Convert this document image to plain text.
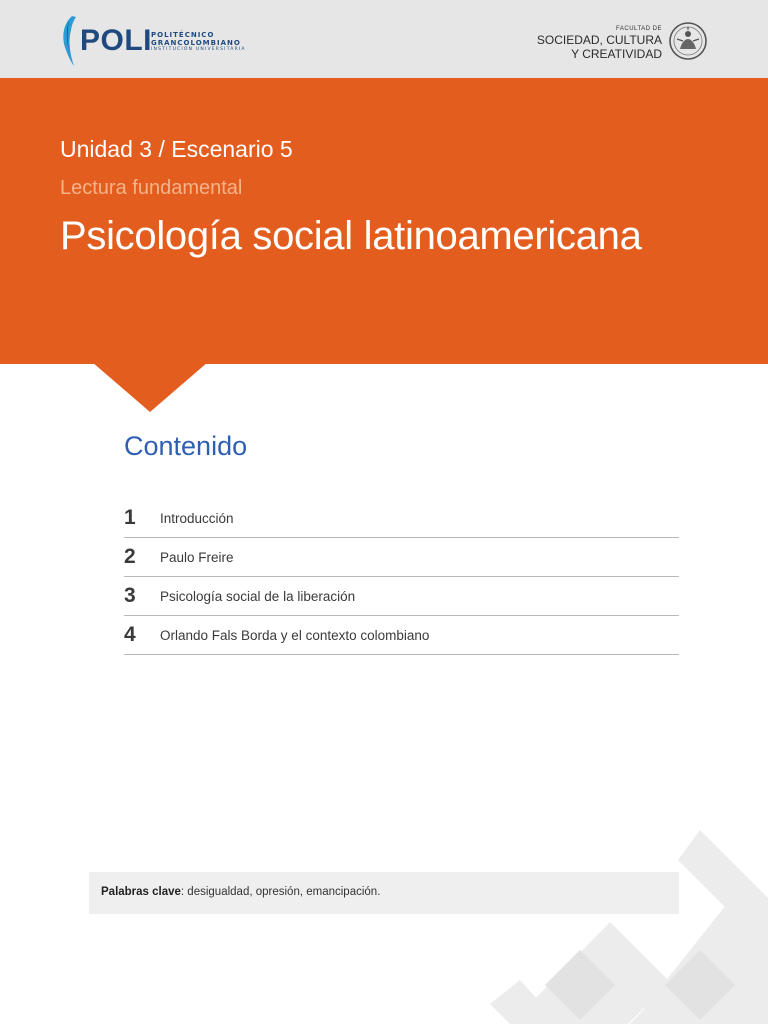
POLI
POLITÉCNICO
GRANCOLOMBIANO
INSTITUCIÓN UNIVERSITARIA
FACULTAD DE
SOCIEDAD, CULTURA
Y CREATIVIDAD
Unidad 3 / Escenario 5
Lectura fundamental
Psicología social latinoamericana
Contenido
1	Introducción
2	Paulo Freire
3	Psicología social de la liberación
4	Orlando Fals Borda y el contexto colombiano
Palabras clave: desigualdad, opresión, emancipación.
